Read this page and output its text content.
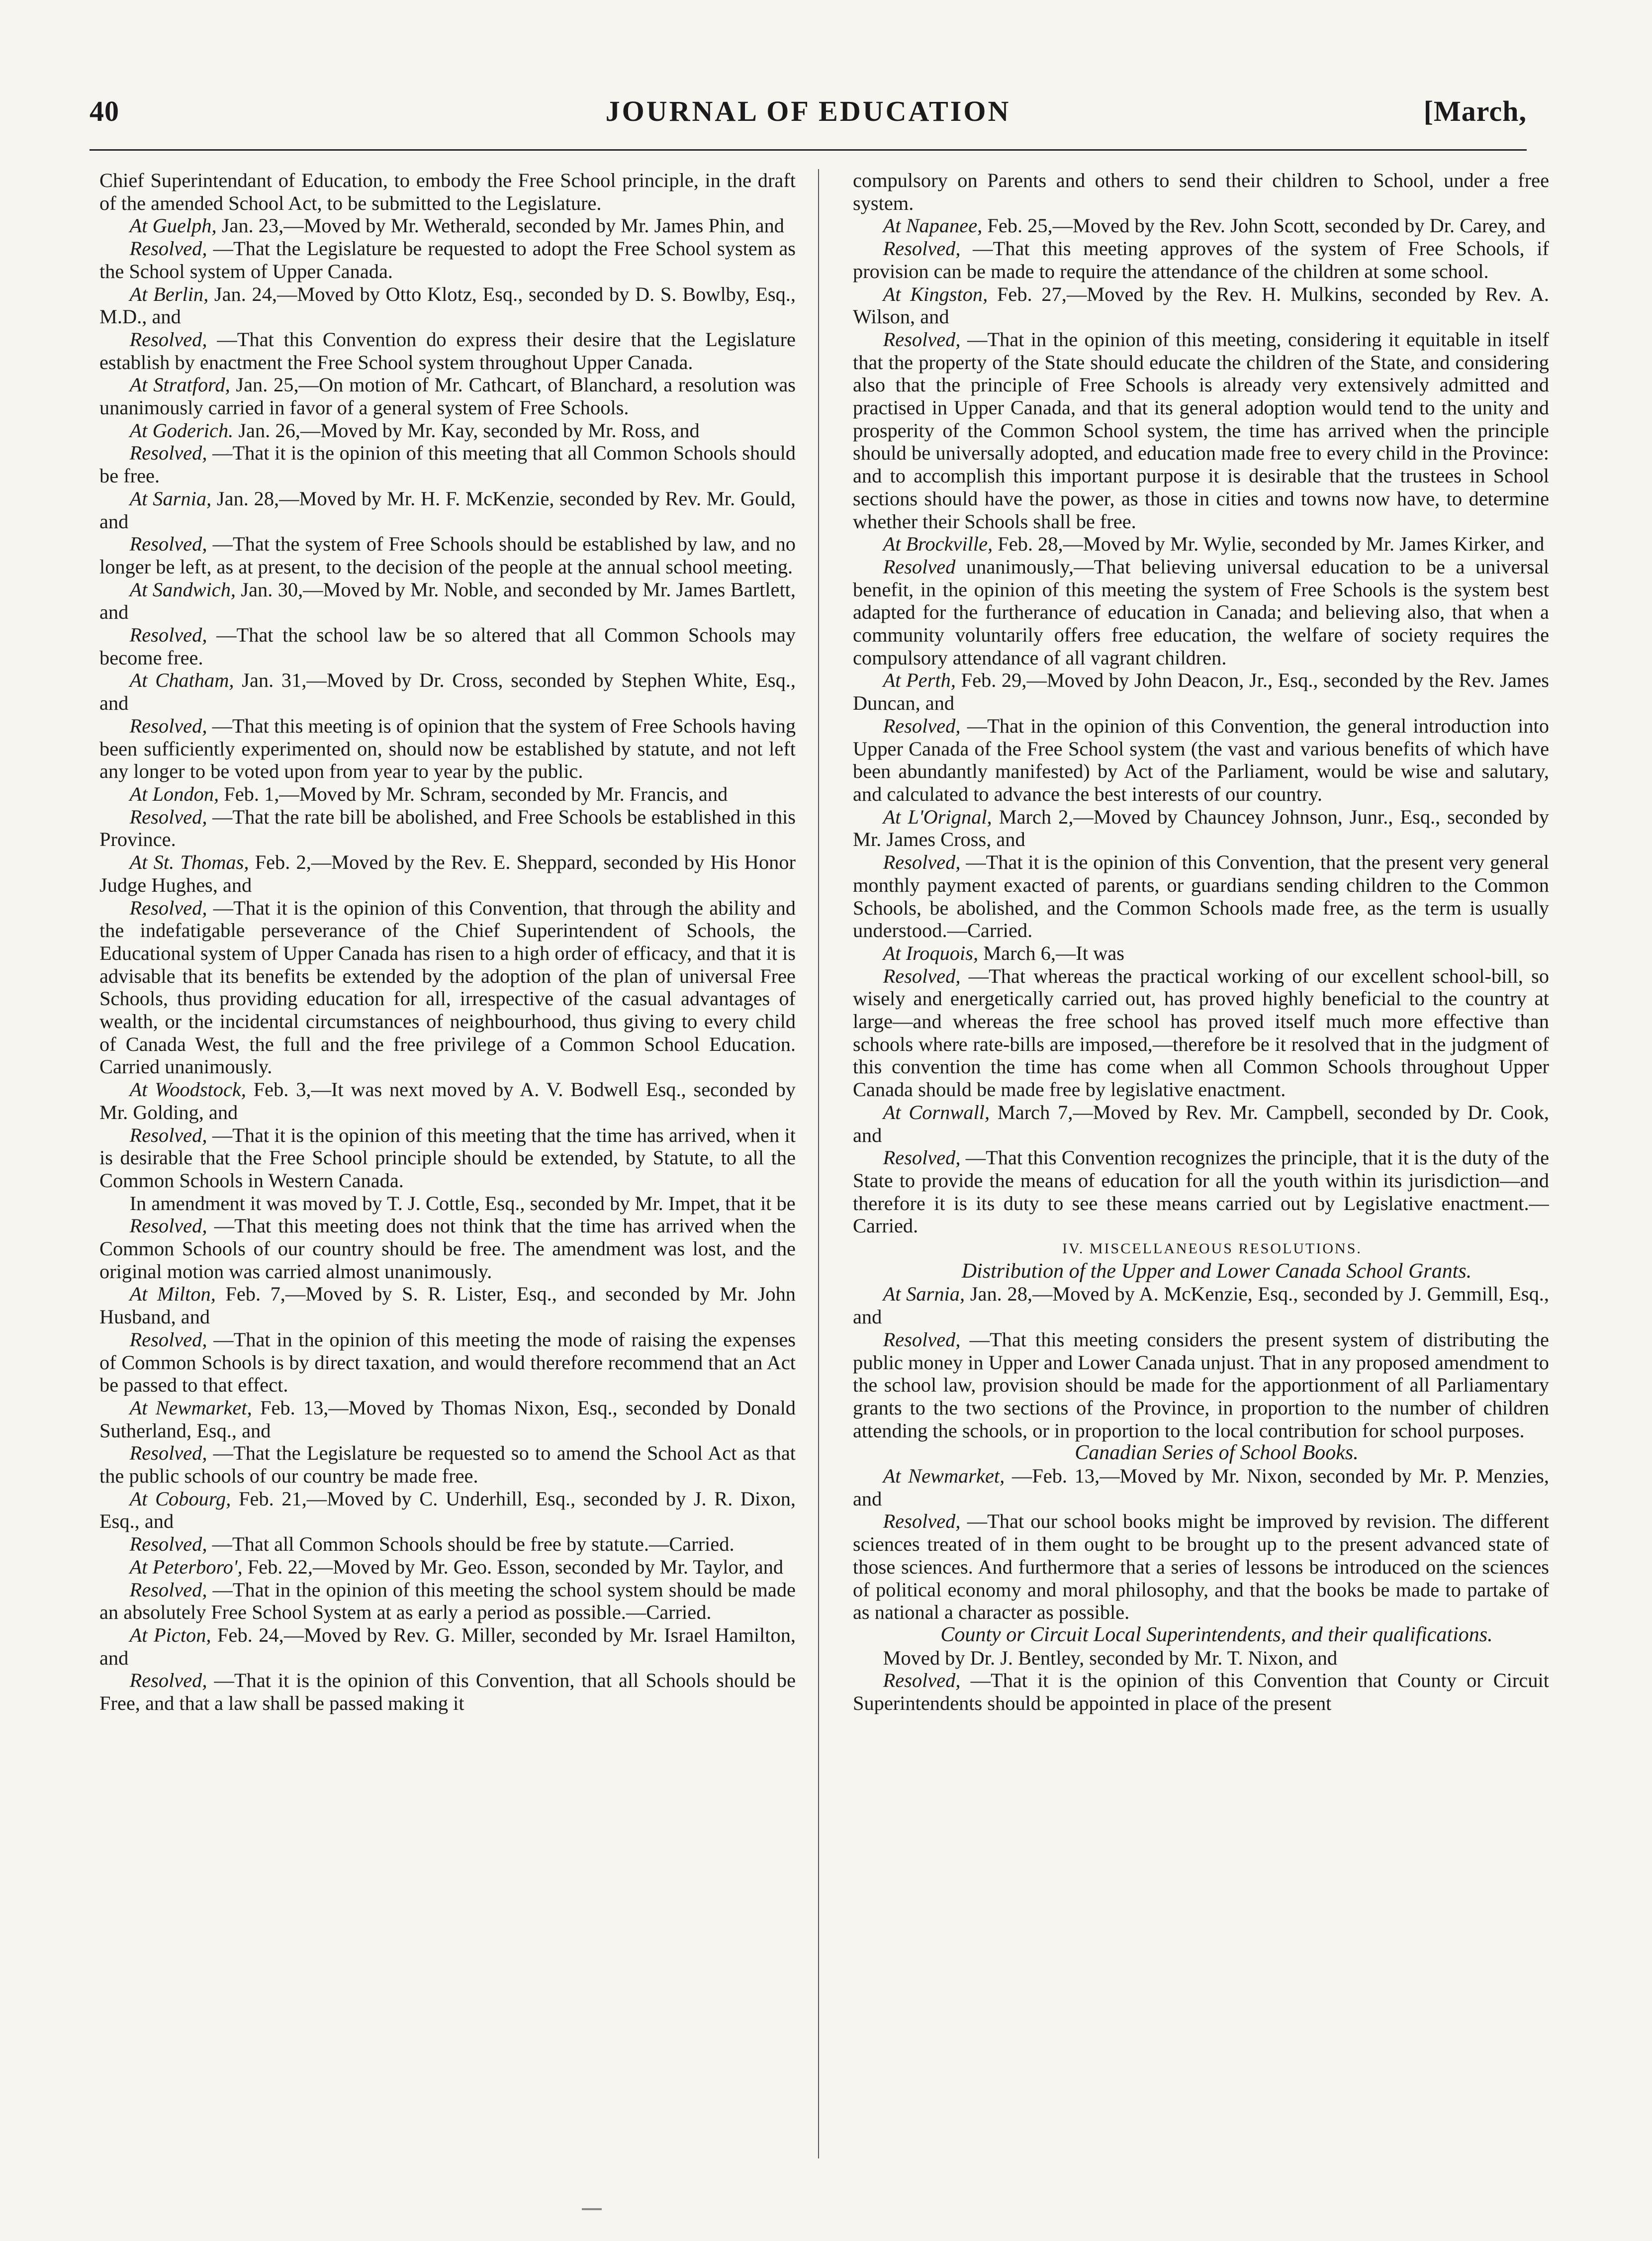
40	JOURNAL OF EDUCATION	[March,

Chief Superintendant of Education, to embody the Free School principle, in the draft of the amended School Act, to be submitted to the Legislature.

At Guelph, Jan. 23,—Moved by Mr. Wetherald, seconded by Mr. James Phin, and

Resolved, —That the Legislature be requested to adopt the Free School system as the School system of Upper Canada.

At Berlin, Jan. 24,—Moved by Otto Klotz, Esq., seconded by D. S. Bowlby, Esq., M.D., and

Resolved, —That this Convention do express their desire that the Legislature establish by enactment the Free School system throughout Upper Canada.

At Stratford, Jan. 25,—On motion of Mr. Cathcart, of Blanchard, a resolution was unanimously carried in favor of a general system of Free Schools.

At Goderich. Jan. 26,—Moved by Mr. Kay, seconded by Mr. Ross, and

Resolved, —That it is the opinion of this meeting that all Common Schools should be free.

At Sarnia, Jan. 28,—Moved by Mr. H. F. McKenzie, seconded by Rev. Mr. Gould, and

Resolved, —That the system of Free Schools should be established by law, and no longer be left, as at present, to the decision of the people at the annual school meeting.

At Sandwich, Jan. 30,—Moved by Mr. Noble, and seconded by Mr. James Bartlett, and

Resolved, —That the school law be so altered that all Common Schools may become free.

At Chatham, Jan. 31,—Moved by Dr. Cross, seconded by Stephen White, Esq., and

Resolved, —That this meeting is of opinion that the system of Free Schools having been sufficiently experimented on, should now be established by statute, and not left any longer to be voted upon from year to year by the public.

At London, Feb. 1,—Moved by Mr. Schram, seconded by Mr. Francis, and

Resolved, —That the rate bill be abolished, and Free Schools be established in this Province.

At St. Thomas, Feb. 2,—Moved by the Rev. E. Sheppard, seconded by His Honor Judge Hughes, and

Resolved, —That it is the opinion of this Convention, that through the ability and the indefatigable perseverance of the Chief Superintendent of Schools, the Educational system of Upper Canada has risen to a high order of efficacy, and that it is advisable that its benefits be extended by the adoption of the plan of universal Free Schools, thus providing education for all, irrespective of the casual advantages of wealth, or the incidental circumstances of neighbourhood, thus giving to every child of Canada West, the full and the free privilege of a Common School Education. Carried unanimously.

At Woodstock, Feb. 3,—It was next moved by A. V. Bodwell Esq., seconded by Mr. Golding, and

Resolved, —That it is the opinion of this meeting that the time has arrived, when it is desirable that the Free School principle should be extended, by Statute, to all the Common Schools in Western Canada.

In amendment it was moved by T. J. Cottle, Esq., seconded by Mr. Impet, that it be

Resolved, —That this meeting does not think that the time has arrived when the Common Schools of our country should be free. The amendment was lost, and the original motion was carried almost unanimously.

At Milton, Feb. 7,—Moved by S. R. Lister, Esq., and seconded by Mr. John Husband, and

Resolved, —That in the opinion of this meeting the mode of raising the expenses of Common Schools is by direct taxation, and would therefore recommend that an Act be passed to that effect.

At Newmarket, Feb. 13,—Moved by Thomas Nixon, Esq., seconded by Donald Sutherland, Esq., and

Resolved, —That the Legislature be requested so to amend the School Act as that the public schools of our country be made free.

At Cobourg, Feb. 21,—Moved by C. Underhill, Esq., seconded by J. R. Dixon, Esq., and

Resolved, —That all Common Schools should be free by statute.—Carried.

At Peterboro', Feb. 22,—Moved by Mr. Geo. Esson, seconded by Mr. Taylor, and

Resolved, —That in the opinion of this meeting the school system should be made an absolutely Free School System at as early a period as possible.—Carried.

At Picton, Feb. 24,—Moved by Rev. G. Miller, seconded by Mr. Israel Hamilton, and

Resolved, —That it is the opinion of this Convention, that all Schools should be Free, and that a law shall be passed making it

compulsory on Parents and others to send their children to School, under a free system.

At Napanee, Feb. 25,—Moved by the Rev. John Scott, seconded by Dr. Carey, and

Resolved, —That this meeting approves of the system of Free Schools, if provision can be made to require the attendance of the children at some school.

At Kingston, Feb. 27,—Moved by the Rev. H. Mulkins, seconded by Rev. A. Wilson, and

Resolved, —That in the opinion of this meeting, considering it equitable in itself that the property of the State should educate the children of the State, and considering also that the principle of Free Schools is already very extensively admitted and practised in Upper Canada, and that its general adoption would tend to the unity and prosperity of the Common School system, the time has arrived when the principle should be universally adopted, and education made free to every child in the Province: and to accomplish this important purpose it is desirable that the trustees in School sections should have the power, as those in cities and towns now have, to determine whether their Schools shall be free.

At Brockville, Feb. 28,—Moved by Mr. Wylie, seconded by Mr. James Kirker, and

Resolved unanimously,—That believing universal education to be a universal benefit, in the opinion of this meeting the system of Free Schools is the system best adapted for the furtherance of education in Canada; and believing also, that when a community voluntarily offers free education, the welfare of society requires the compulsory attendance of all vagrant children.

At Perth, Feb. 29,—Moved by John Deacon, Jr., Esq., seconded by the Rev. James Duncan, and

Resolved, —That in the opinion of this Convention, the general introduction into Upper Canada of the Free School system (the vast and various benefits of which have been abundantly manifested) by Act of the Parliament, would be wise and salutary, and calculated to advance the best interests of our country.

At L'Orignal, March 2,—Moved by Chauncey Johnson, Junr., Esq., seconded by Mr. James Cross, and

Resolved, —That it is the opinion of this Convention, that the present very general monthly payment exacted of parents, or guardians sending children to the Common Schools, be abolished, and the Common Schools made free, as the term is usually understood.—Carried.

At Iroquois, March 6,—It was

Resolved, —That whereas the practical working of our excellent school-bill, so wisely and energetically carried out, has proved highly beneficial to the country at large—and whereas the free school has proved itself much more effective than schools where rate-bills are imposed,—therefore be it resolved that in the judgment of this convention the time has come when all Common Schools throughout Upper Canada should be made free by legislative enactment.

At Cornwall, March 7,—Moved by Rev. Mr. Campbell, seconded by Dr. Cook, and

Resolved, —That this Convention recognizes the principle, that it is the duty of the State to provide the means of education for all the youth within its jurisdiction—and therefore it is its duty to see these means carried out by Legislative enactment.—Carried.

IV. MISCELLANEOUS RESOLUTIONS.

Distribution of the Upper and Lower Canada School Grants.

At Sarnia, Jan. 28,—Moved by A. McKenzie, Esq., seconded by J. Gemmill, Esq., and

Resolved, —That this meeting considers the present system of distributing the public money in Upper and Lower Canada unjust. That in any proposed amendment to the school law, provision should be made for the apportionment of all Parliamentary grants to the two sections of the Province, in proportion to the number of children attending the schools, or in proportion to the local contribution for school purposes.

Canadian Series of School Books.

At Newmarket, —Feb. 13,—Moved by Mr. Nixon, seconded by Mr. P. Menzies, and

Resolved, —That our school books might be improved by revision. The different sciences treated of in them ought to be brought up to the present advanced state of those sciences. And furthermore that a series of lessons be introduced on the sciences of political economy and moral philosophy, and that the books be made to partake of as national a character as possible.

County or Circuit Local Superintendents, and their qualifications.

Moved by Dr. J. Bentley, seconded by Mr. T. Nixon, and

Resolved, —That it is the opinion of this Convention that County or Circuit Superintendents should be appointed in place of the present
